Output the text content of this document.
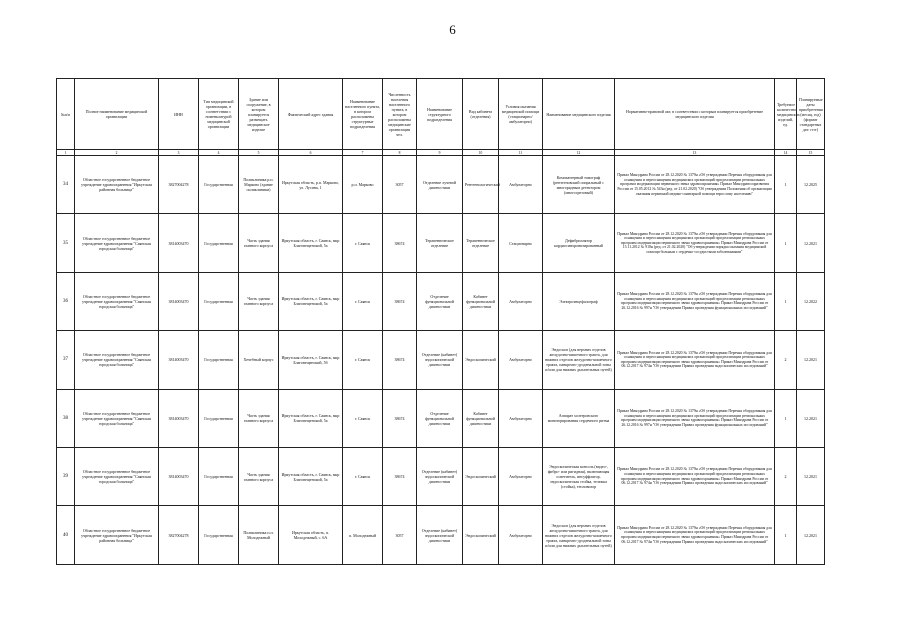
6
№п/п	Полное наименование медицинской организации	ИНН	Тип медицинской организации, в соответствии с номенклатурой медицинской организации	Здание или сооружение, в котором планируется размещать медицинское изделие	Фактический адрес здания	Наименование населенного пункта, в котором расположены структурные подразделения	Численность населения населенного пункта, в котором расположены медицинские организации чел.	Наименование структурного подразделения	Вид кабинета (отделения)	Условия оказания медицинской помощи (стационарно/амбулаторно)	Наименование медицинского изделия	Нормативно-правовой акт, в соответствии с которым планируется приобретение медицинского изделия	Требуемое количество медицинских изделий, ед.	Планируемые даты приобретения (месяц, год) (формат стандартных дат: гггг)
1	2	3	4	5	6	7	8	9	10	11	12	13	14	15
34	Областное государственное бюджетное учреждение здравоохранения "Иркутская районная больница"	3827004278	Государственная	Поликлиника р.п. Марково (здание поликлиники)	Иркутская область, р.п. Марково, ул. Лусина, 1	р.п. Марково	3057	Отделение лучевой диагностики	Рентгенологический	Амбулаторно	Компьютерный томограф (рентгеновский спиральный с многорядным детектором (многосрезовый)	Приказ Минздрава России от 28.12.2020 № 1379н «Об утверждении Перечня оборудования для оснащения и переоснащения медицинских организаций при реализации региональных программ модернизации первичного звена здравоохранения» Приказ Минздравсоцразвития России от 15.05.2012 № 543н (ред. от 21.02.2020) "Об утверждении Положения об организации оказания первичной медико-санитарной помощи взрослому населению"	1	12.2025
35	Областное государственное бюджетное учреждение здравоохранения "Саянская городская больница"	3814003470	Государственная	Часть здания главного корпуса	Иркутская область, г. Саянск, мкр Благовещенский, 5а	г. Саянск	38674	Терапевтическое отделение	Терапевтическое отделение	Стационарно	Дефибриллятор кардиосинхронизированный	Приказ Минздрава России от 28.12.2020 № 1379н «Об утверждении Перечня оборудования для оснащения и переоснащения медицинских организаций при реализации региональных программ модернизации первичного звена здравоохранения» Приказ Минздрава России от 15.11.2012 № 918н (ред. от 21.02.2020) "Об утверждении порядка оказания медицинской помощи больным с сердечно-сосудистыми заболеваниями"	1	12.2021
36	Областное государственное бюджетное учреждение здравоохранения "Саянская городская больница"	3814003470	Государственная	Часть здания главного корпуса	Иркутская область, г. Саянск, мкр Благовещенский, 5а	г. Саянск	38674	Отделение функциональной диагностики	Кабинет функциональной диагностики	Амбулаторно	Электроэнцефалограф	Приказ Минздрава России от 28.12.2020 № 1379н «Об утверждении Перечня оборудования для оснащения и переоснащения медицинских организаций при реализации региональных программ модернизации первичного звена здравоохранения» Приказ Минздрава России от 26.12.2016 № 997н "Об утверждении Правил проведения функциональных исследований"	1	12.2022
37	Областное государственное бюджетное учреждение здравоохранения "Саянская городская больница"	3814003470	Государственная	Хечебный корпус	Иркутская область, г. Саянск, мкр Благовещенский, 5б	г. Саянск	38674	Отделение (кабинет) эндоскопической диагностики	Эндоскопический	Амбулаторно	Эндоскоп (для верхних отделов желудочно-кишечного тракта, для нижних отделов желудочно-кишечного тракта, панкреато-дуоденальной зоны и/или для нижних дыхательных путей)	Приказ Минздрава России от 28.12.2020 № 1379н «Об утверждении Перечня оборудования для оснащения и переоснащения медицинских организаций при реализации региональных программ модернизации первичного звена здравоохранения» Приказ Минздрава России от 06.12.2017 № 974н "Об утверждении Правил проведения эндоскопических исследований"	2	12.2021
38	Областное государственное бюджетное учреждение здравоохранения "Саянская городская больница"	3814003470	Государственная	Часть здания главного корпуса	Иркутская область, г. Саянск, мкр Благовещенский, 5а	г. Саянск	38674	Отделение функциональной диагностики	Кабинет функциональной диагностики	Амбулаторно	Аппарат холтеровского мониторирования сердечного ритма	Приказ Минздрава России от 28.12.2020 № 1379н «Об утверждении Перечня оборудования для оснащения и переоснащения медицинских организаций при реализации региональных программ модернизации первичного звена здравоохранения» Приказ Минздрава России от 26.12.2016 № 997н "Об утверждении Правил проведения функциональных исследований"	1	12.2021
39	Областное государственное бюджетное учреждение здравоохранения "Саянская городская больница"	3814003470	Государственная	Часть здания главного корпуса	Иркутская область, г. Саянск, мкр Благовещенский, 5а	г. Саянск	38674	Отделение (кабинет) эндоскопической диагностики	Эндоскопический	Амбулаторно	Эндоскопическая консоль (видео-, фибро- или ригидная), включающая осветитель, инсуффлятор, эндоскопическая стойка, тележка (стойка), тепловизор	Приказ Минздрава России от 28.12.2020 № 1379н «Об утверждении Перечня оборудования для оснащения и переоснащения медицинских организаций при реализации региональных программ модернизации первичного звена здравоохранения» Приказ Минздрава России от 06.12.2017 № 974н "Об утверждении Правил проведения эндоскопических исследований"	2	12.2021
40	Областное государственное бюджетное учреждение здравоохранения "Иркутская районная больница"	3827004278	Государственная	Поликлиника п.п. Молодежный	Иркутская область, п. Молодежный, с. 6А	п. Молодежный	3057	Отделение (кабинет) эндоскопической диагностики	Эндоскопический	Амбулаторно	Эндоскоп (для верхних отделов желудочно-кишечного тракта, для нижних отделов желудочно-кишечного тракта, панкреато-дуоденальной зоны и/или для нижних дыхательных путей)	Приказ Минздрава России от 28.12.2020 № 1379н «Об утверждении Перечня оборудования для оснащения и переоснащения медицинских организаций при реализации региональных программ модернизации первичного звена здравоохранения» Приказ Минздрава России от 06.12.2017 № 974н "Об утверждении Правил проведения эндоскопических исследований"	1	12.2021
